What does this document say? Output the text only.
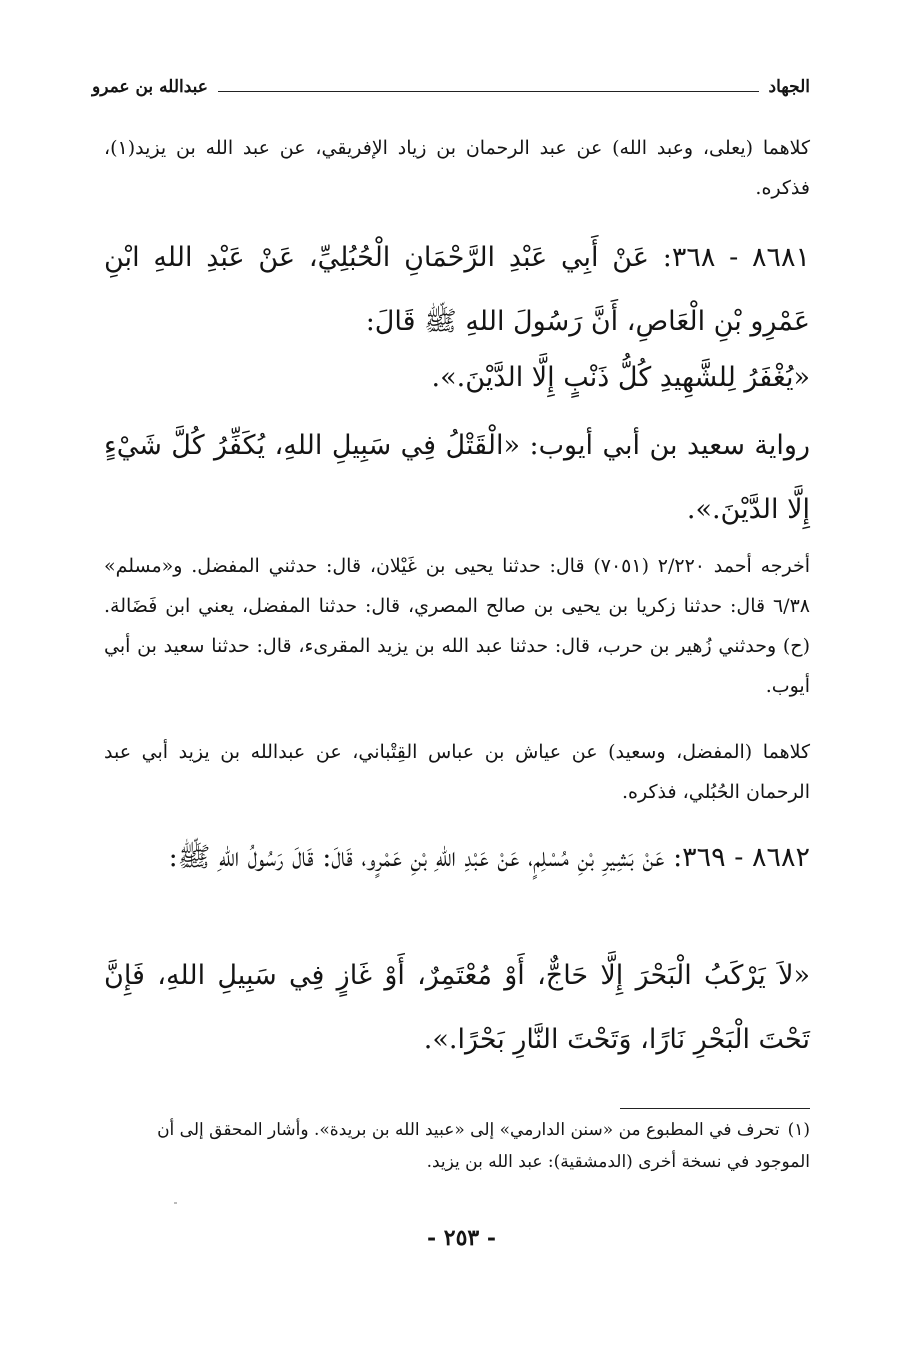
الجهاد
عبدالله بن عمرو

كلاهما (يعلى، وعبد الله) عن عبد الرحمان بن زياد الإفريقي، عن عبد الله بن يزيد(١)، فذكره.

٨٦٨١ - ٣٦٨: عَنْ أَبِي عَبْدِ الرَّحْمَانِ الْحُبُلِيِّ، عَنْ عَبْدِ اللهِ ابْنِ عَمْرِو بْنِ الْعَاصِ، أَنَّ رَسُولَ اللهِ ﷺ قَالَ:

«يُغْفَرُ لِلشَّهِيدِ كُلُّ ذَنْبٍ إِلَّا الدَّيْنَ.».

رواية سعيد بن أبي أيوب: «الْقَتْلُ فِي سَبِيلِ اللهِ، يُكَفِّرُ كُلَّ شَيْءٍ إِلَّا الدَّيْنَ.».

أخرجه أحمد ٢/٢٢٠ (٧٠٥١) قال: حدثنا يحيى بن غَيْلان، قال: حدثني المفضل. و«مسلم» ٦/٣٨ قال: حدثنا زكريا بن يحيى بن صالح المصري، قال: حدثنا المفضل، يعني ابن فَضَالة. (ح) وحدثني زُهير بن حرب، قال: حدثنا عبد الله بن يزيد المقرىء، قال: حدثنا سعيد بن أبي أيوب.

كلاهما (المفضل، وسعيد) عن عياش بن عباس القِتْباني، عن عبدالله بن يزيد أبي عبد الرحمان الحُبُلي، فذكره.

٨٦٨٢ - ٣٦٩: عَنْ بَشِيرِ بْنِ مُسْلِمٍ، عَنْ عَبْدِ اللهِ بْنِ عَمْرٍو، قَالَ: قَالَ رَسُولُ اللهِ ﷺ:

«لاَ يَرْكَبُ الْبَحْرَ إِلَّا حَاجٌّ، أَوْ مُعْتَمِرٌ، أَوْ غَازٍ فِي سَبِيلِ اللهِ، فَإِنَّ تَحْتَ الْبَحْرِ نَارًا، وَتَحْتَ النَّارِ بَحْرًا.».

(١)تحرف في المطبوع من «سنن الدارمي» إلى «عبيد الله بن بريدة». وأشار المحقق إلى أن الموجود في نسخة أخرى (الدمشقية): عبد الله بن يزيد.
- ٢٥٣ -
